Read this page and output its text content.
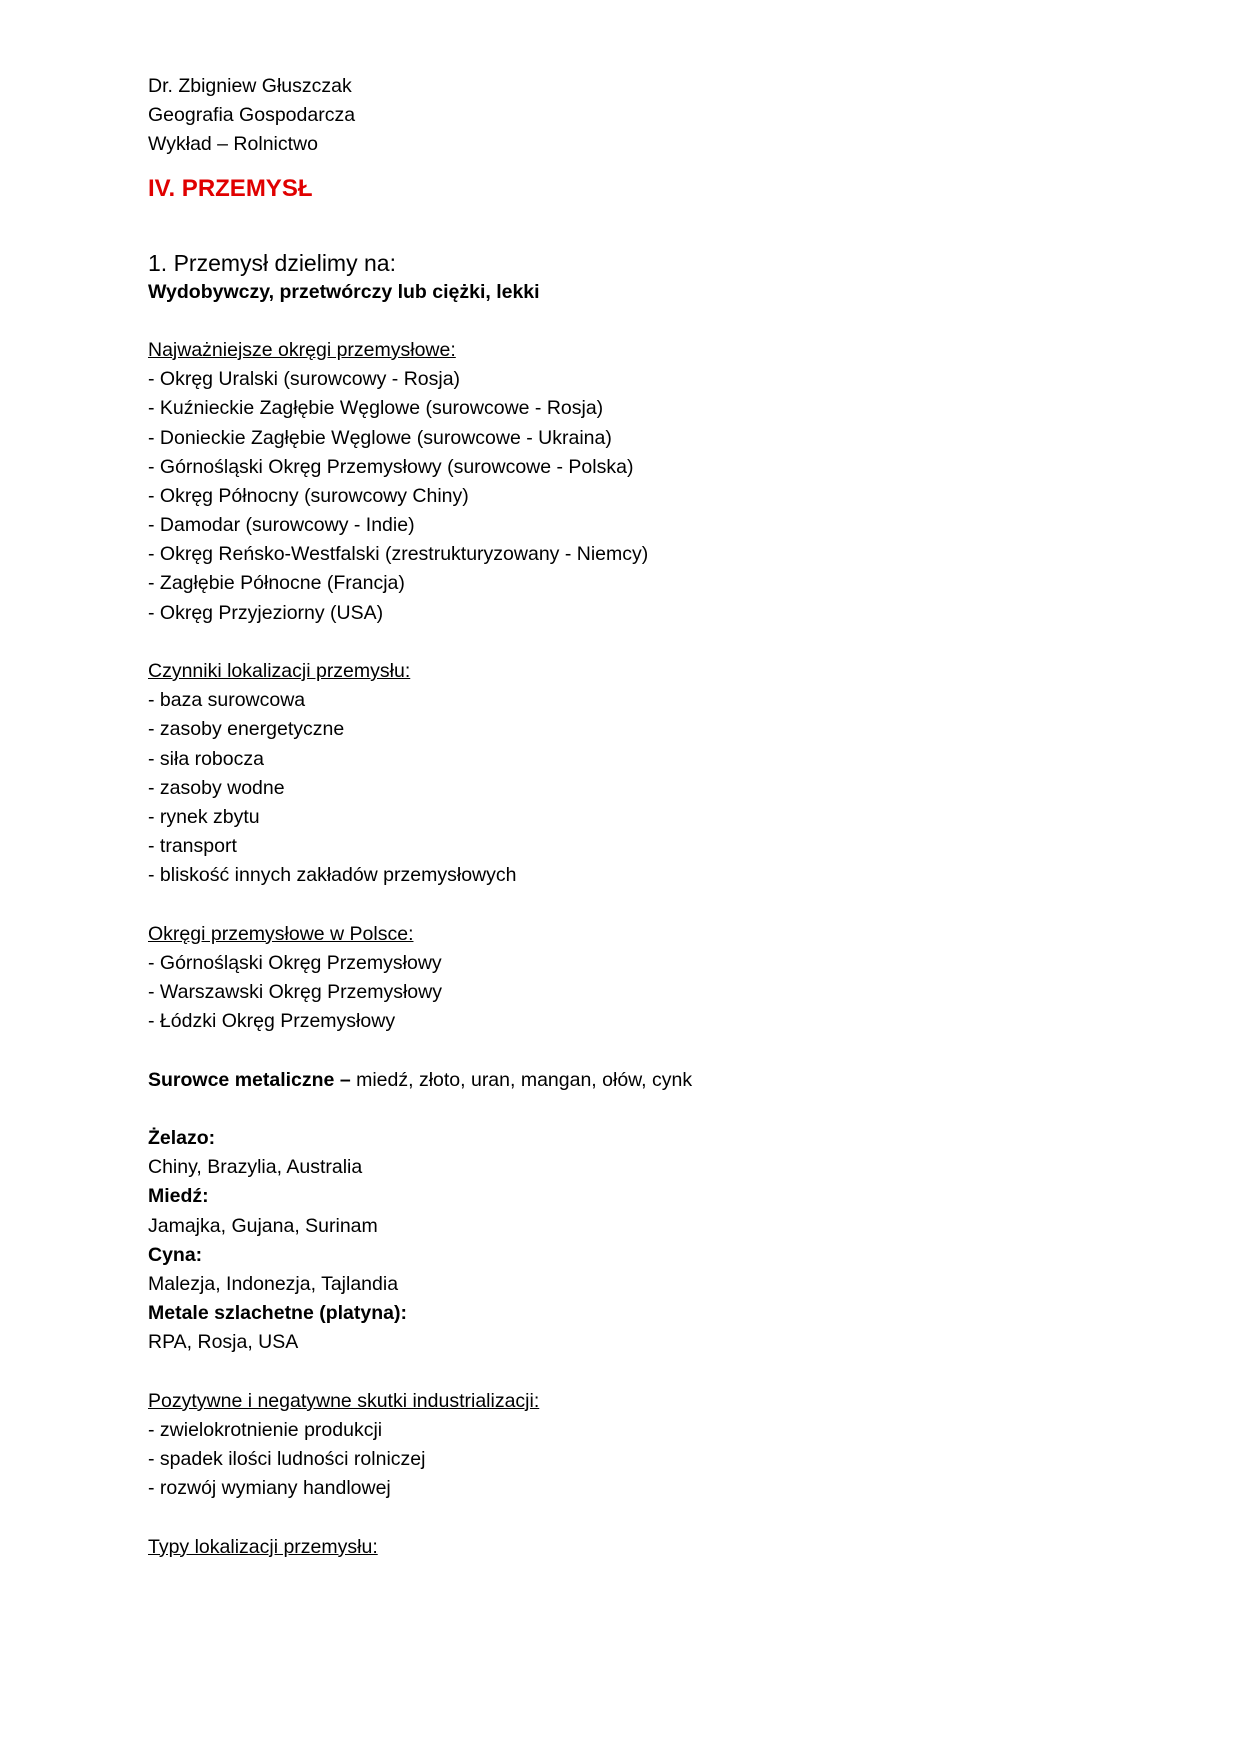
Dr. Zbigniew Głuszczak
Geografia Gospodarcza
Wykład – Rolnictwo
IV. PRZEMYSŁ
1. Przemysł dzielimy na:
Wydobywczy, przetwórczy lub ciężki, lekki
Najważniejsze okręgi przemysłowe:
- Okręg Uralski (surowcowy - Rosja)
- Kuźnieckie Zagłębie Węglowe (surowcowe - Rosja)
- Donieckie Zagłębie Węglowe (surowcowe - Ukraina)
- Górnośląski Okręg Przemysłowy (surowcowe - Polska)
- Okręg Północny (surowcowy Chiny)
- Damodar (surowcowy - Indie)
- Okręg Reńsko-Westfalski (zrestrukturyzowany - Niemcy)
- Zagłębie Północne (Francja)
- Okręg Przyjeziorny (USA)
Czynniki lokalizacji przemysłu:
- baza surowcowa
- zasoby energetyczne
- siła robocza
- zasoby wodne
- rynek zbytu
- transport
- bliskość innych zakładów przemysłowych
Okręgi przemysłowe w Polsce:
- Górnośląski Okręg Przemysłowy
- Warszawski Okręg Przemysłowy
- Łódzki Okręg Przemysłowy
Surowce metaliczne – miedź, złoto, uran, mangan, ołów, cynk
Żelazo:
Chiny, Brazylia, Australia
Miedź:
Jamajka, Gujana, Surinam
Cyna:
Malezja, Indonezja, Tajlandia
Metale szlachetne (platyna):
RPA, Rosja, USA
Pozytywne i negatywne skutki industrializacji:
- zwielokrotnienie produkcji
- spadek ilości ludności rolniczej
- rozwój wymiany handlowej
Typy lokalizacji przemysłu:
